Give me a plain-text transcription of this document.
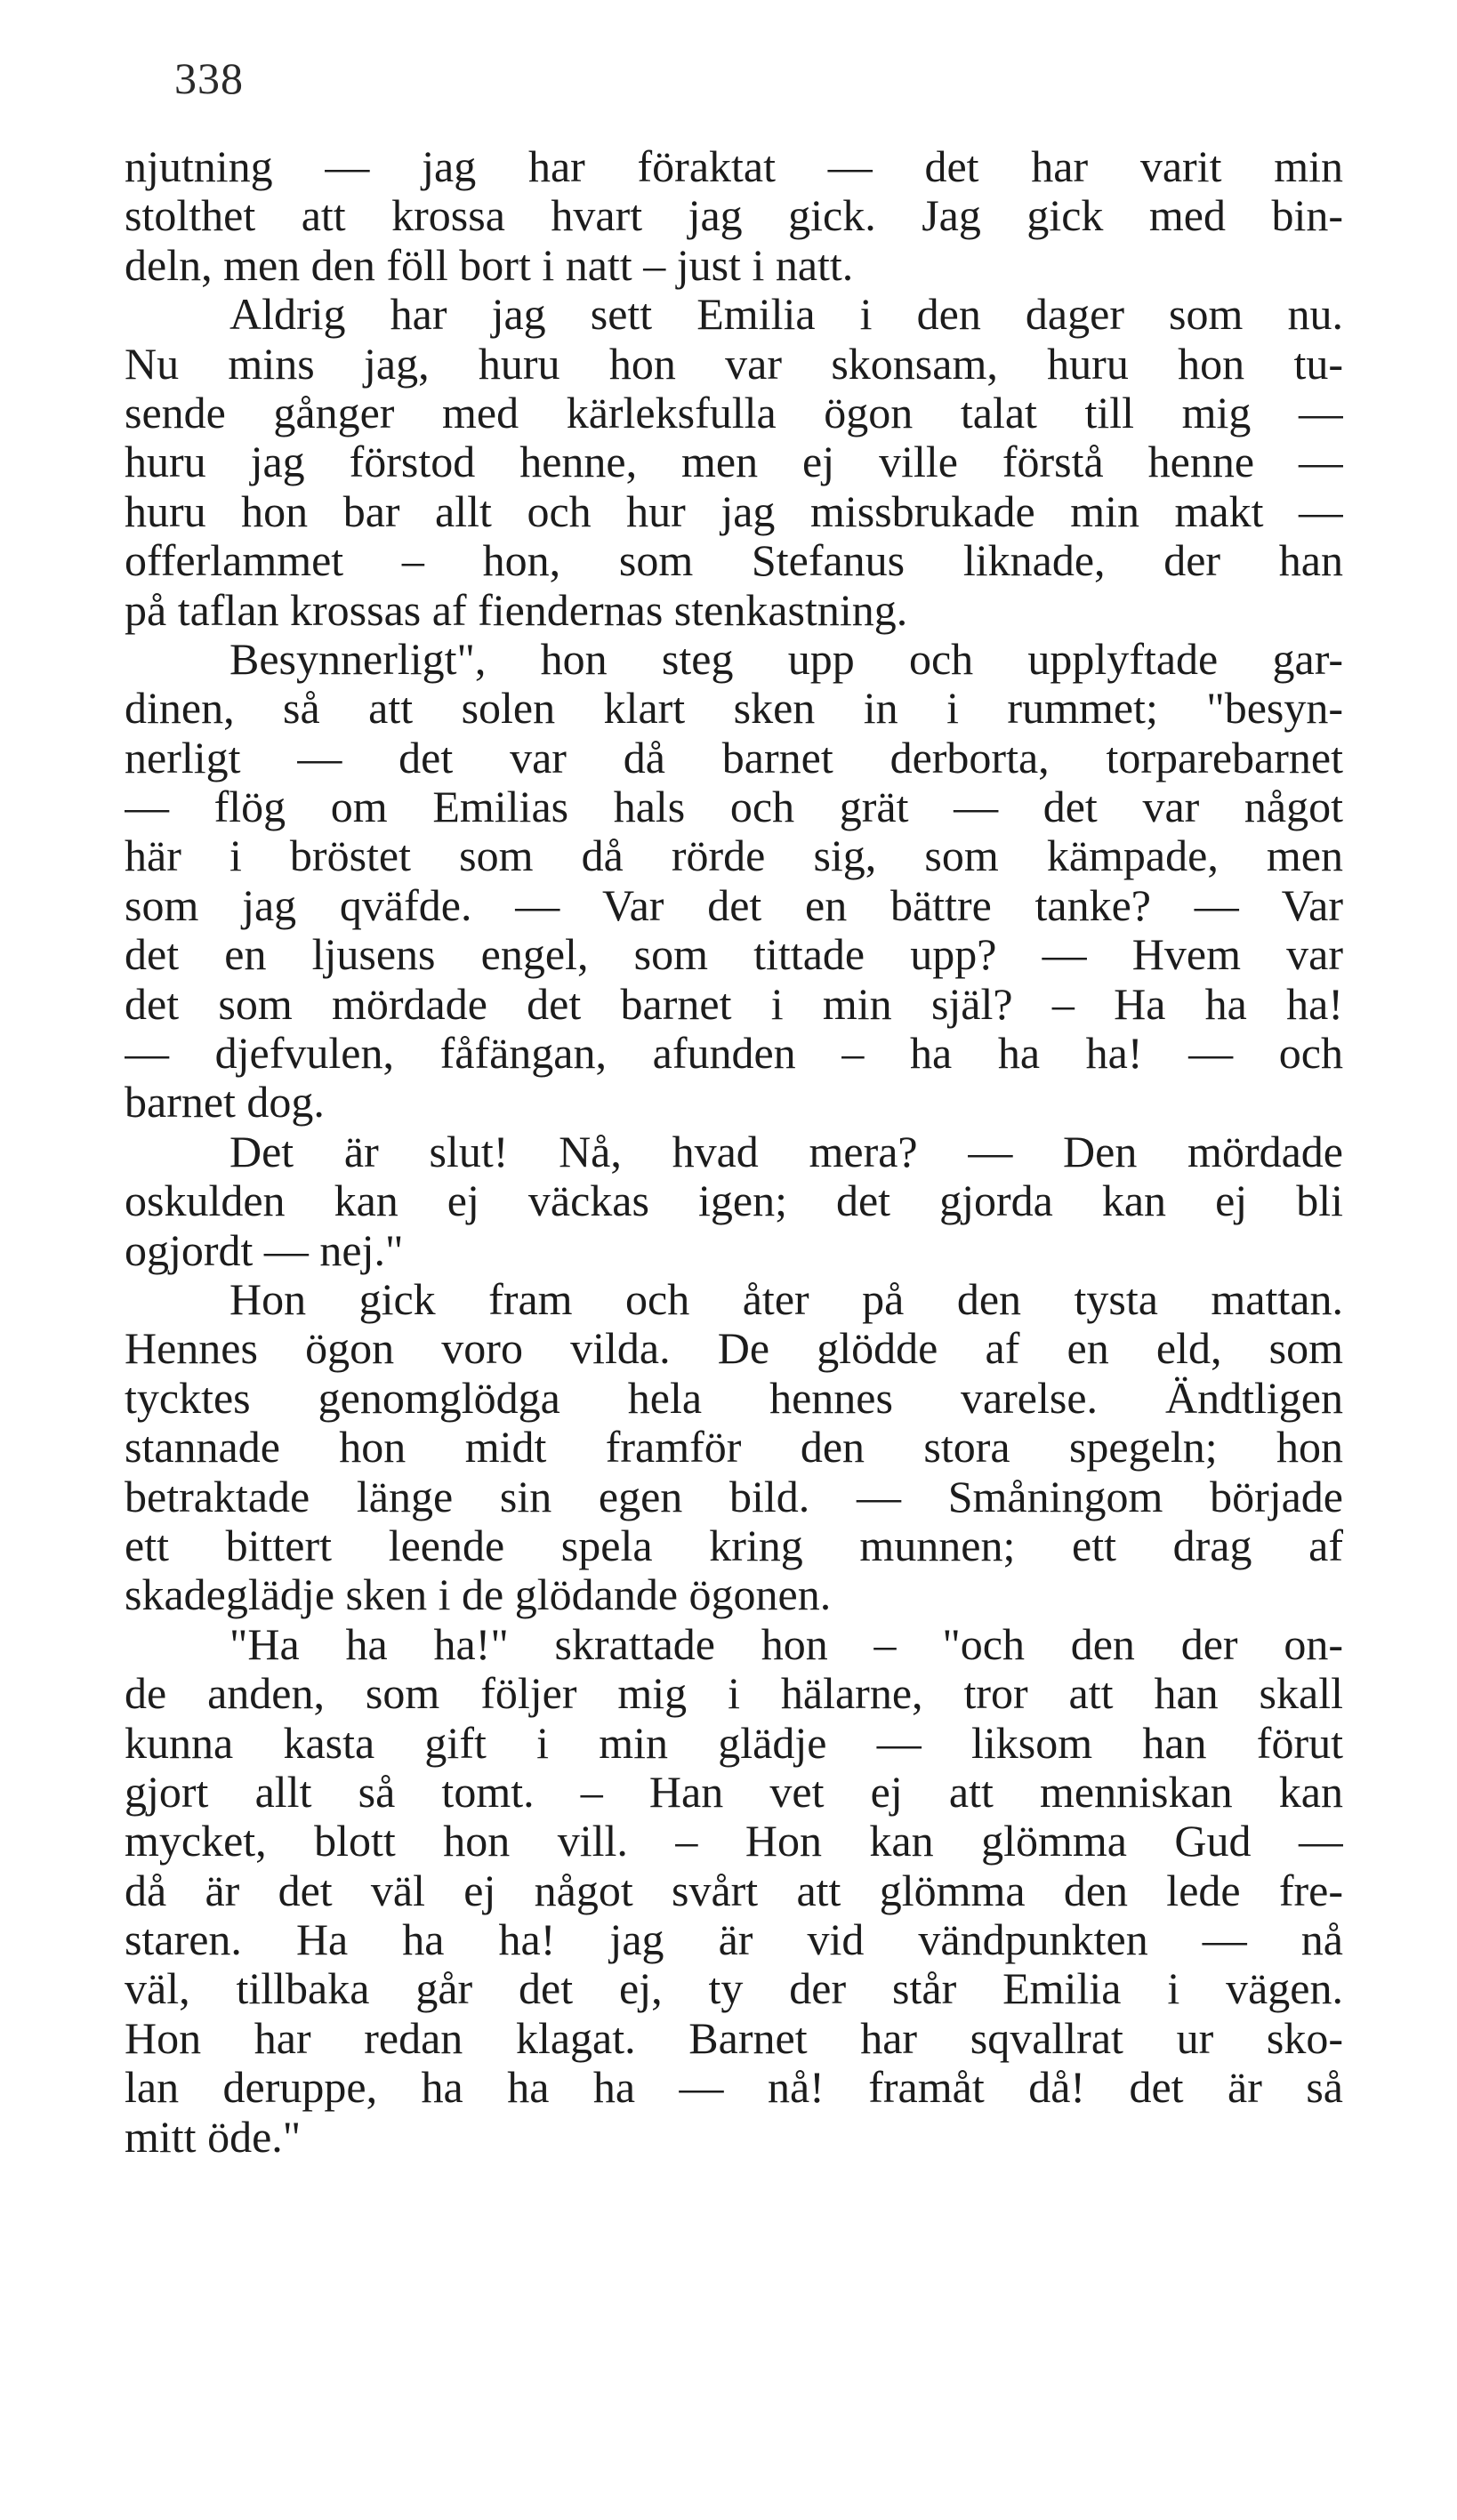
338
njutning — jag har föraktat — det har varit min
stolthet att krossa hvart jag gick. Jag gick med bin-
deln, men den föll bort i natt – just i natt.
Aldrig har jag sett Emilia i den dager som nu.
Nu mins jag, huru hon var skonsam, huru hon tu-
sende gånger med kärleksfulla ögon talat till mig —
huru jag förstod henne, men ej ville förstå henne —
huru hon bar allt och hur jag missbrukade min makt —
offerlammet – hon, som Stefanus liknade, der han
på taflan krossas af fiendernas stenkastning.
Besynnerligt", hon steg upp och upplyftade gar-
dinen, så att solen klart sken in i rummet; "besyn-
nerligt — det var då barnet derborta, torparebarnet
— flög om Emilias hals och grät — det var något
här i bröstet som då rörde sig, som kämpade, men
som jag qväfde. — Var det en bättre tanke? — Var
det en ljusens engel, som tittade upp? — Hvem var
det som mördade det barnet i min själ? – Ha ha ha!
— djefvulen, fåfängan, afunden – ha ha ha! — och
barnet dog.
Det är slut! Nå, hvad mera? — Den mördade
oskulden kan ej väckas igen; det gjorda kan ej bli
ogjordt — nej."
Hon gick fram och åter på den tysta mattan.
Hennes ögon voro vilda. De glödde af en eld, som
tycktes genomglödga hela hennes varelse. Ändtligen
stannade hon midt framför den stora spegeln; hon
betraktade länge sin egen bild. — Småningom började
ett bittert leende spela kring munnen; ett drag af
skadeglädje sken i de glödande ögonen.
"Ha ha ha!" skrattade hon – "och den der on-
de anden, som följer mig i hälarne, tror att han skall
kunna kasta gift i min glädje — liksom han förut
gjort allt så tomt. – Han vet ej att menniskan kan
mycket, blott hon vill. – Hon kan glömma Gud —
då är det väl ej något svårt att glömma den lede fre-
staren. Ha ha ha! jag är vid vändpunkten — nå
väl, tillbaka går det ej, ty der står Emilia i vägen.
Hon har redan klagat. Barnet har sqvallrat ur sko-
lan deruppe, ha ha ha — nå! framåt då! det är så
mitt öde."
